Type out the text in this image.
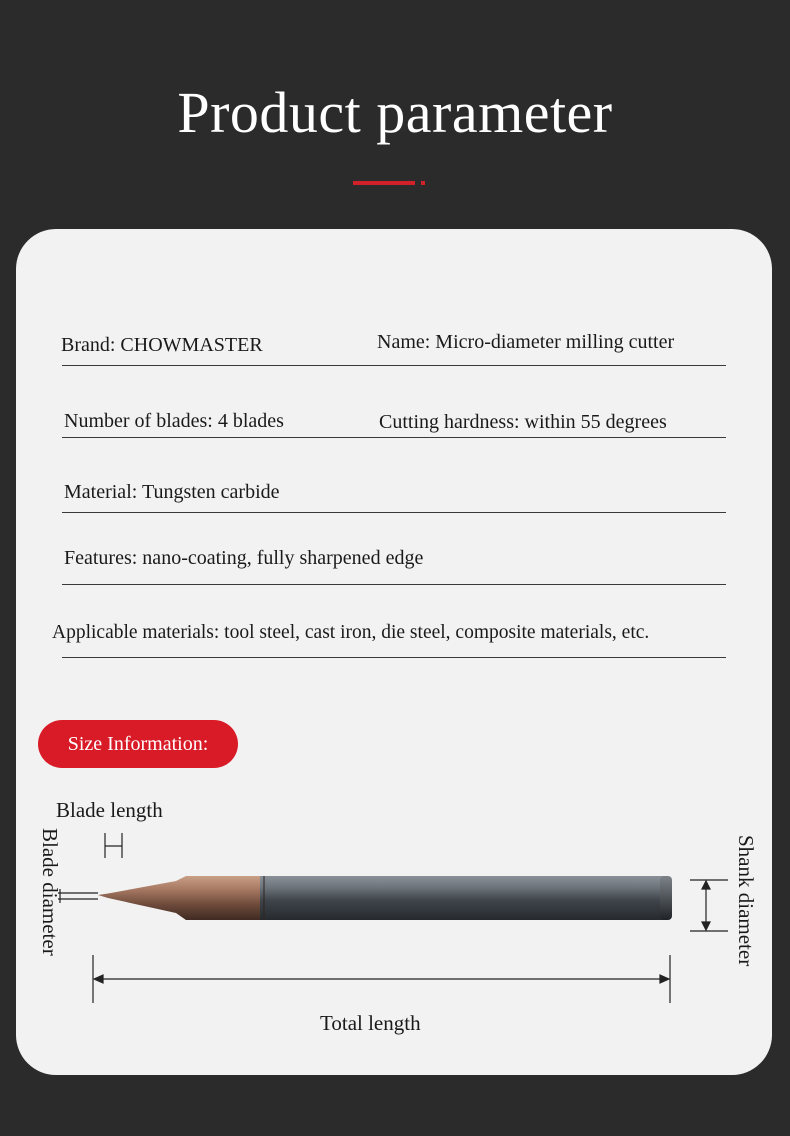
Product parameter
Brand: CHOWMASTER	Name: Micro-diameter milling cutter
Number of blades: 4 blades	Cutting hardness: within 55 degrees
Material: Tungsten carbide
Features: nano-coating, fully sharpened edge
Applicable materials: tool steel, cast iron, die steel, composite materials, etc.
Size Information:
Blade length
Blade diameter	Shank diameter
Total length
